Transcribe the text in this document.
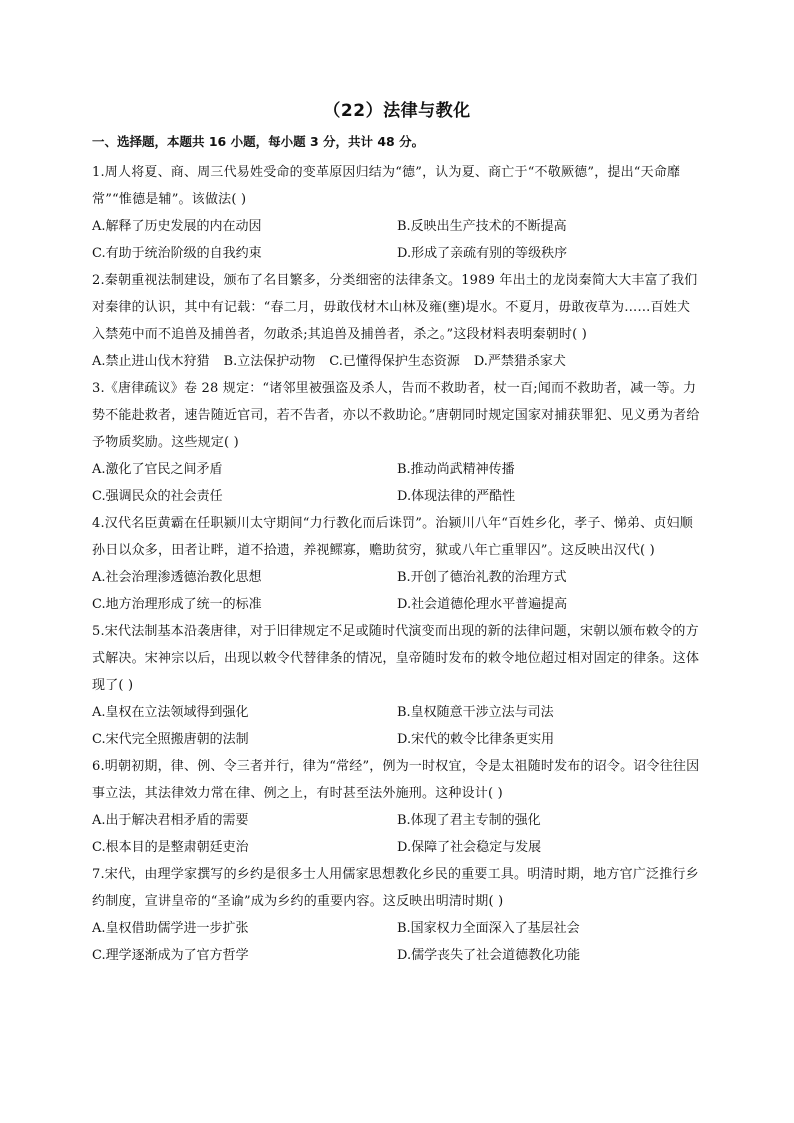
（22）法律与教化
一、选择题，本题共 16 小题，每小题 3 分，共计 48 分。

1.周人将夏、商、周三代易姓受命的变革原因归结为“德”，认为夏、商亡于“不敬厥德”，提出“天命靡常”“惟德是辅”。该做法( )

A.解释了历史发展的内在动因	B.反映出生产技术的不断提高
C.有助于统治阶级的自我约束	D.形成了亲疏有别的等级秩序

2.秦朝重视法制建设，颁布了名目繁多，分类细密的法律条文。1989 年出土的龙岗秦简大大丰富了我们对秦律的认识，其中有记载：“春二月，毋敢伐材木山林及雍(壅)堤水。不夏月，毋敢夜草为……百姓犬入禁苑中而不追兽及捕兽者，勿敢杀;其追兽及捕兽者，杀之。”这段材料表明秦朝时( )

A.禁止进山伐木狩猎 B.立法保护动物 C.已懂得保护生态资源 D.严禁猎杀家犬

3.《唐律疏议》卷 28 规定：“诸邻里被强盗及杀人，告而不救助者，杖一百;闻而不救助者，减一等。力势不能赴救者，速告随近官司，若不告者，亦以不救助论。”唐朝同时规定国家对捕获罪犯、见义勇为者给予物质奖励。这些规定( )

A.激化了官民之间矛盾	B.推动尚武精神传播
C.强调民众的社会责任	D.体现法律的严酷性

4.汉代名臣黄霸在任职颍川太守期间“力行教化而后诛罚”。治颍川八年“百姓乡化，孝子、悌弟、贞妇顺孙日以众多，田者让畔，道不拾遗，养视鳏寡，赡助贫穷，狱或八年亡重罪囚”。这反映出汉代( )

A.社会治理渗透德治教化思想	B.开创了德治礼教的治理方式
C.地方治理形成了统一的标准	D.社会道德伦理水平普遍提高

5.宋代法制基本沿袭唐律，对于旧律规定不足或随时代演变而出现的新的法律问题，宋朝以颁布敕令的方式解决。宋神宗以后，出现以敕令代替律条的情况，皇帝随时发布的敕令地位超过相对固定的律条。这体现了( )

A.皇权在立法领域得到强化	B.皇权随意干涉立法与司法
C.宋代完全照搬唐朝的法制	D.宋代的敕令比律条更实用

6.明朝初期，律、例、令三者并行，律为“常经”，例为一时权宜，令是太祖随时发布的诏令。诏令往往因事立法，其法律效力常在律、例之上，有时甚至法外施刑。这种设计( )

A.出于解决君相矛盾的需要	B.体现了君主专制的强化
C.根本目的是整肃朝廷吏治	D.保障了社会稳定与发展

7.宋代，由理学家撰写的乡约是很多士人用儒家思想教化乡民的重要工具。明清时期，地方官广泛推行乡约制度，宣讲皇帝的“圣谕”成为乡约的重要内容。这反映出明清时期( )

A.皇权借助儒学进一步扩张	B.国家权力全面深入了基层社会
C.理学逐渐成为了官方哲学	D.儒学丧失了社会道德教化功能
